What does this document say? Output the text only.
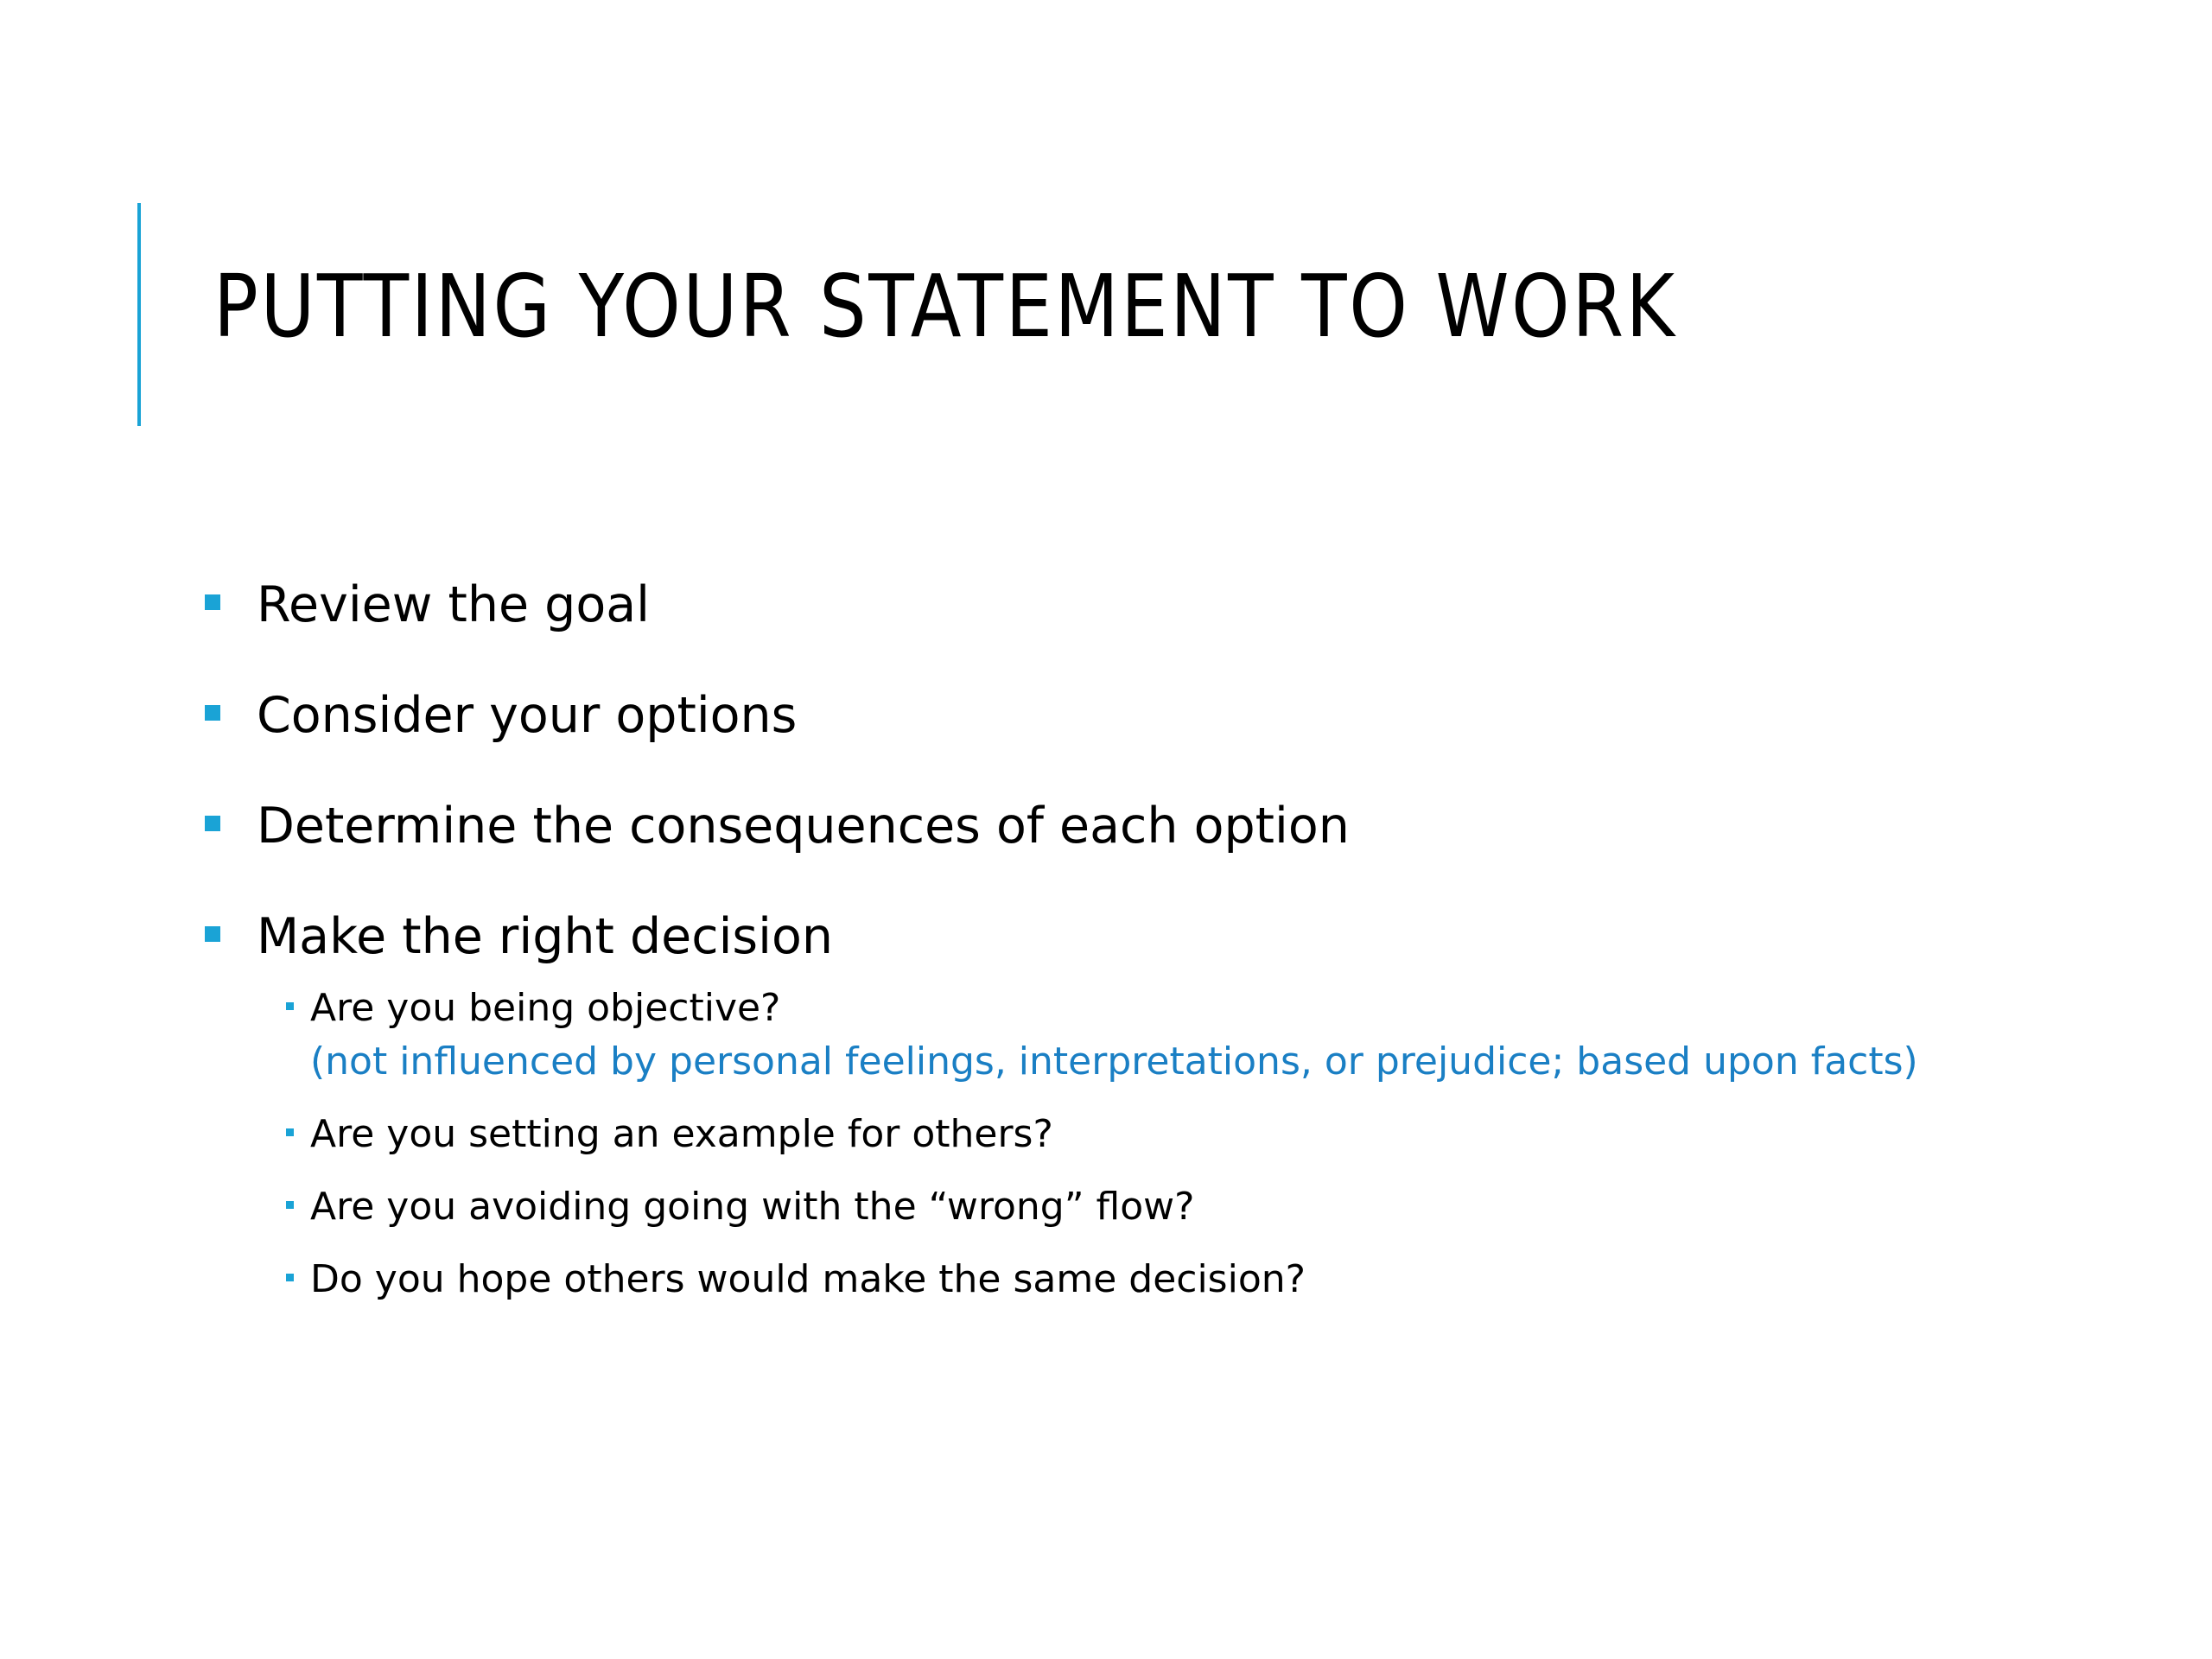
PUTTING YOUR STATEMENT TO WORK
Review the goal
Consider your options
Determine the consequences of each option
Make the right decision
Are you being objective?
(not influenced by personal feelings, interpretations, or prejudice; based upon facts)
Are you setting an example for others?
Are you avoiding going with the “wrong” flow?
Do you hope others would make the same decision?
